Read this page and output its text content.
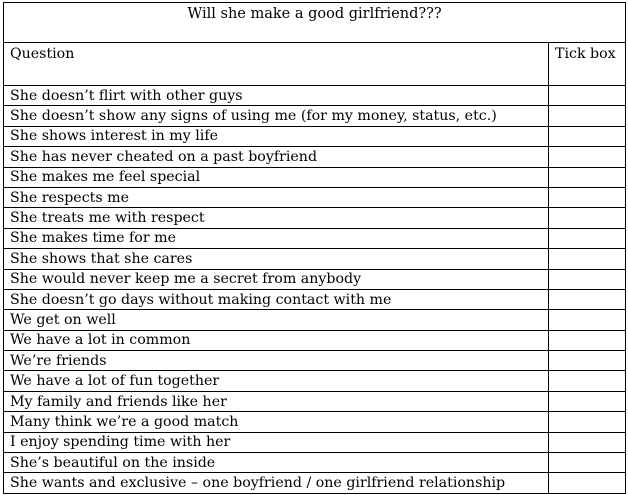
Will she make a good girlfriend???	
Question	Tick box
She doesn’t flirt with other guys	
She doesn’t show any signs of using me (for my money, status, etc.)	
She shows interest in my life	
She has never cheated on a past boyfriend	
She makes me feel special	
She respects me	
She treats me with respect	
She makes time for me	
She shows that she cares	
She would never keep me a secret from anybody	
She doesn’t go days without making contact with me	
We get on well	
We have a lot in common	
We’re friends	
We have a lot of fun together	
My family and friends like her	
Many think we’re a good match	
I enjoy spending time with her	
She’s beautiful on the inside	
She wants and exclusive – one boyfriend / one girlfriend relationship	
